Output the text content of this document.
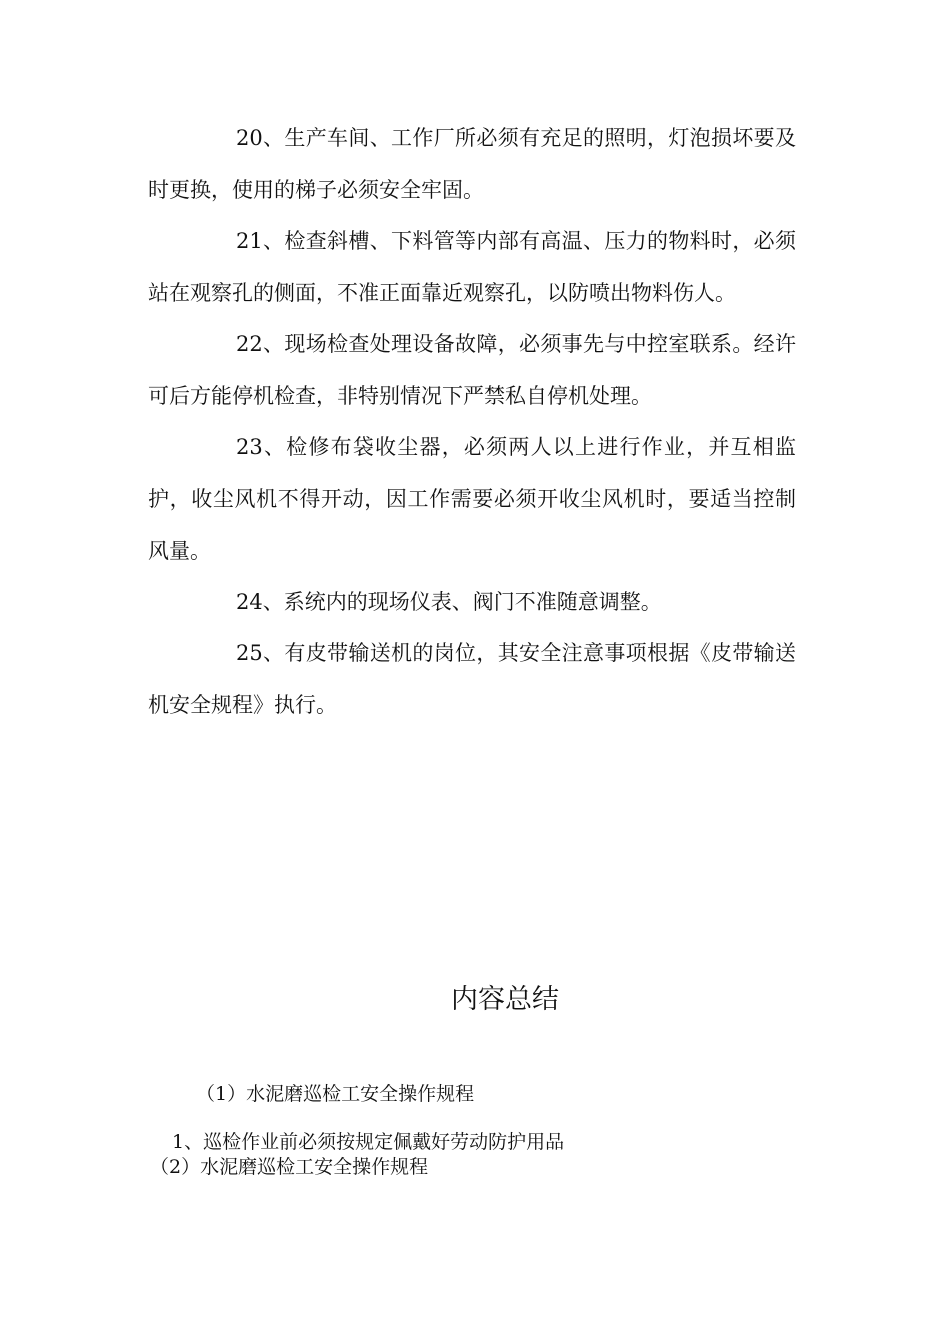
20、生产车间、工作厂所必须有充足的照明，灯泡损坏要及时更换，使用的梯子必须安全牢固。

21、检查斜槽、下料管等内部有高温、压力的物料时，必须站在观察孔的侧面，不准正面靠近观察孔，以防喷出物料伤人。

22、现场检查处理设备故障，必须事先与中控室联系。经许可后方能停机检查，非特别情况下严禁私自停机处理。

23、检修布袋收尘器，必须两人以上进行作业，并互相监护，收尘风机不得开动，因工作需要必须开收尘风机时，要适当控制风量。

24、系统内的现场仪表、阀门不准随意调整。

25、有皮带输送机的岗位，其安全注意事项根据《皮带输送机安全规程》执行。

内容总结

（1）水泥磨巡检工安全操作规程

1、巡检作业前必须按规定佩戴好劳动防护用品

（2）水泥磨巡检工安全操作规程
